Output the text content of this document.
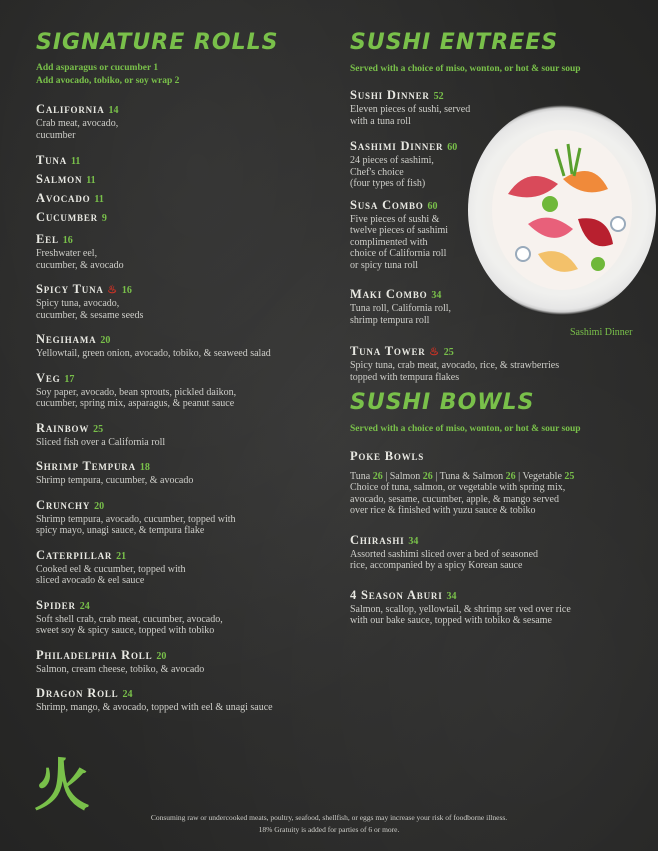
SIGNATURE ROLLS
Add asparagus or cucumber 1
Add avocado, tobiko, or soy wrap 2
California 14
Crab meat, avocado,
cucumber
Tuna 11
Salmon 11
Avocado 11
Cucumber 9
Eel 16
Freshwater eel,
cucumber, & avocado
Spicy Tuna ♨ 16
Spicy tuna, avocado,
cucumber, & sesame seeds
Negihama 20
Yellowtail, green onion, avocado, tobiko, & seaweed salad
Veg 17
Soy paper, avocado, bean sprouts, pickled daikon,
cucumber, spring mix, asparagus, & peanut sauce
Rainbow 25
Sliced fish over a California roll
Shrimp Tempura 18
Shrimp tempura, cucumber, & avocado
Crunchy 20
Shrimp tempura, avocado, cucumber, topped with
spicy mayo, unagi sauce, & tempura flake
Caterpillar 21
Cooked eel & cucumber, topped with
sliced avocado & eel sauce
Spider 24
Soft shell crab, crab meat, cucumber, avocado,
sweet soy & spicy sauce, topped with tobiko
Philadelphia Roll 20
Salmon, cream cheese, tobiko, & avocado
Dragon Roll 24
Shrimp, mango, & avocado, topped with eel & unagi sauce
SUSHI ENTREES
Served with a choice of miso, wonton, or hot & sour soup
Sushi Dinner 52
Eleven pieces of sushi, served
with a tuna roll
Sashimi Dinner 60
24 pieces of sashimi,
Chef's choice
(four types of fish)
Susa Combo 60
Five pieces of sushi &
twelve pieces of sashimi
complimented with
choice of California roll
or spicy tuna roll
Maki Combo 34
Tuna roll, California roll,
shrimp tempura roll
Tuna Tower ♨ 25
Spicy tuna, crab meat, avocado, rice, & strawberries
topped with tempura flakes
Sashimi Dinner
SUSHI BOWLS
Served with a choice of miso, wonton, or hot & sour soup
Poke Bowls
Tuna 26 | Salmon 26 | Tuna & Salmon 26 | Vegetable 25
Choice of tuna, salmon, or vegetable with spring mix,
avocado, sesame, cucumber, apple, & mango served
over rice & finished with yuzu sauce & tobiko
Chirashi 34
Assorted sashimi sliced over a bed of seasoned
rice, accompanied by a spicy Korean sauce
4 Season Aburi 34
Salmon, scallop, yellowtail, & shrimp ser ved over rice
with our bake sauce, topped with tobiko & sesame
火	Consuming raw or undercooked meats, poultry, seafood, shellfish, or eggs may increase your risk of foodborne illness.
18% Gratuity is added for parties of 6 or more.
